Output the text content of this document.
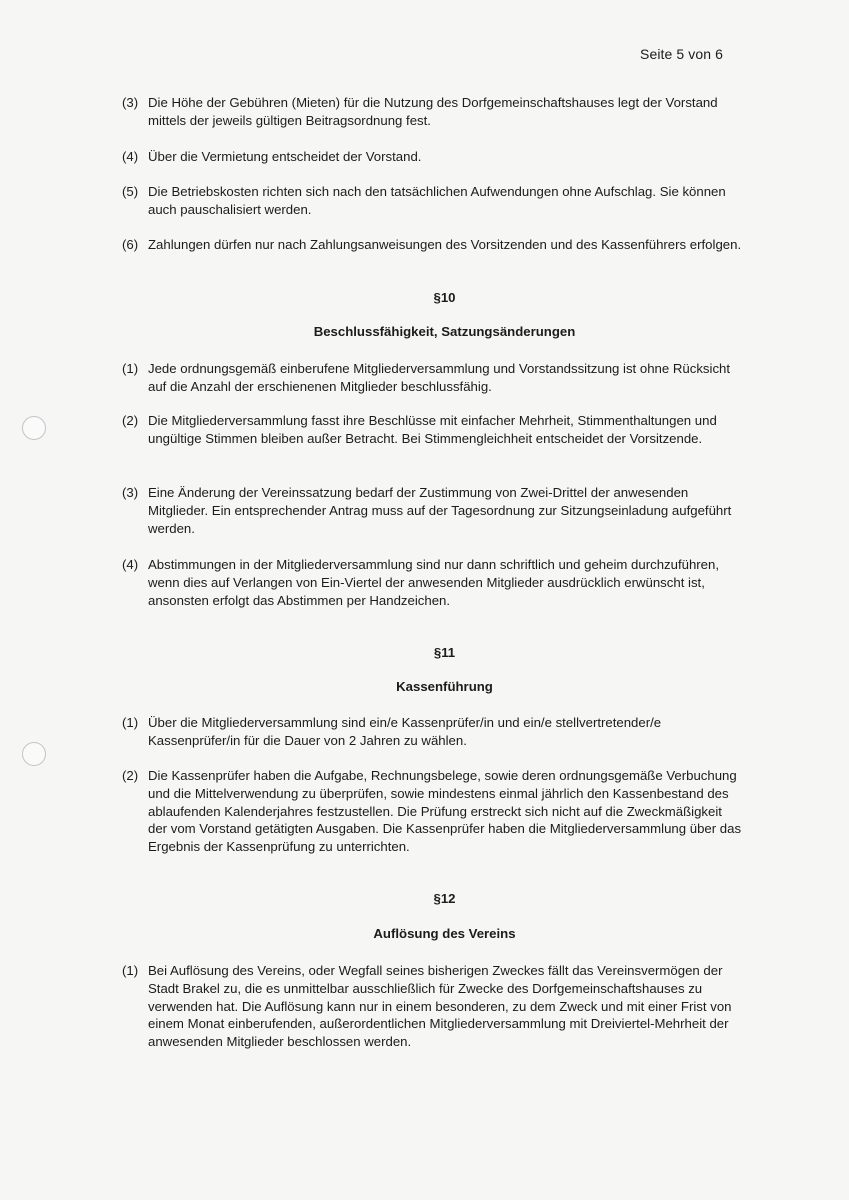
Seite 5 von 6
(3) Die Höhe der Gebühren (Mieten) für die Nutzung des Dorfgemeinschaftshauses legt der Vorstand mittels der jeweils gültigen Beitragsordnung fest.
(4) Über die Vermietung entscheidet der Vorstand.
(5) Die Betriebskosten richten sich nach den tatsächlichen Aufwendungen ohne Aufschlag. Sie können auch pauschalisiert werden.
(6) Zahlungen dürfen nur nach Zahlungsanweisungen des Vorsitzenden und des Kassenführers erfolgen.
§10
Beschlussfähigkeit, Satzungsänderungen
(1) Jede ordnungsgemäß einberufene Mitgliederversammlung und Vorstandssitzung ist ohne Rücksicht auf die Anzahl der erschienenen Mitglieder beschlussfähig.
(2) Die Mitgliederversammlung fasst ihre Beschlüsse mit einfacher Mehrheit, Stimmenthaltungen und ungültige Stimmen bleiben außer Betracht. Bei Stimmengleichheit entscheidet der Vorsitzende.
(3) Eine Änderung der Vereinssatzung bedarf der Zustimmung von Zwei-Drittel der anwesenden Mitglieder. Ein entsprechender Antrag muss auf der Tagesordnung zur Sitzungseinladung aufgeführt werden.
(4) Abstimmungen in der Mitgliederversammlung sind nur dann schriftlich und geheim durchzuführen, wenn dies auf Verlangen von Ein-Viertel der anwesenden Mitglieder ausdrücklich erwünscht ist, ansonsten erfolgt das Abstimmen per Handzeichen.
§11
Kassenführung
(1) Über die Mitgliederversammlung sind ein/e Kassenprüfer/in und ein/e stellvertretender/e Kassenprüfer/in für die Dauer von 2 Jahren zu wählen.
(2) Die Kassenprüfer haben die Aufgabe, Rechnungsbelege, sowie deren ordnungsgemäße Verbuchung und die Mittelverwendung zu überprüfen, sowie mindestens einmal jährlich den Kassenbestand des ablaufenden Kalenderjahres festzustellen. Die Prüfung erstreckt sich nicht auf die Zweckmäßigkeit der vom Vorstand getätigten Ausgaben. Die Kassenprüfer haben die Mitgliederversammlung über das Ergebnis der Kassenprüfung zu unterrichten.
§12
Auflösung des Vereins
(1) Bei Auflösung des Vereins, oder Wegfall seines bisherigen Zweckes fällt das Vereinsvermögen der Stadt Brakel zu, die es unmittelbar ausschließlich für Zwecke des Dorfgemeinschaftshauses zu verwenden hat. Die Auflösung kann nur in einem besonderen, zu dem Zweck und mit einer Frist von einem Monat einberufenden, außerordentlichen Mitgliederversammlung mit Dreiviertel-Mehrheit der anwesenden Mitglieder beschlossen werden.
